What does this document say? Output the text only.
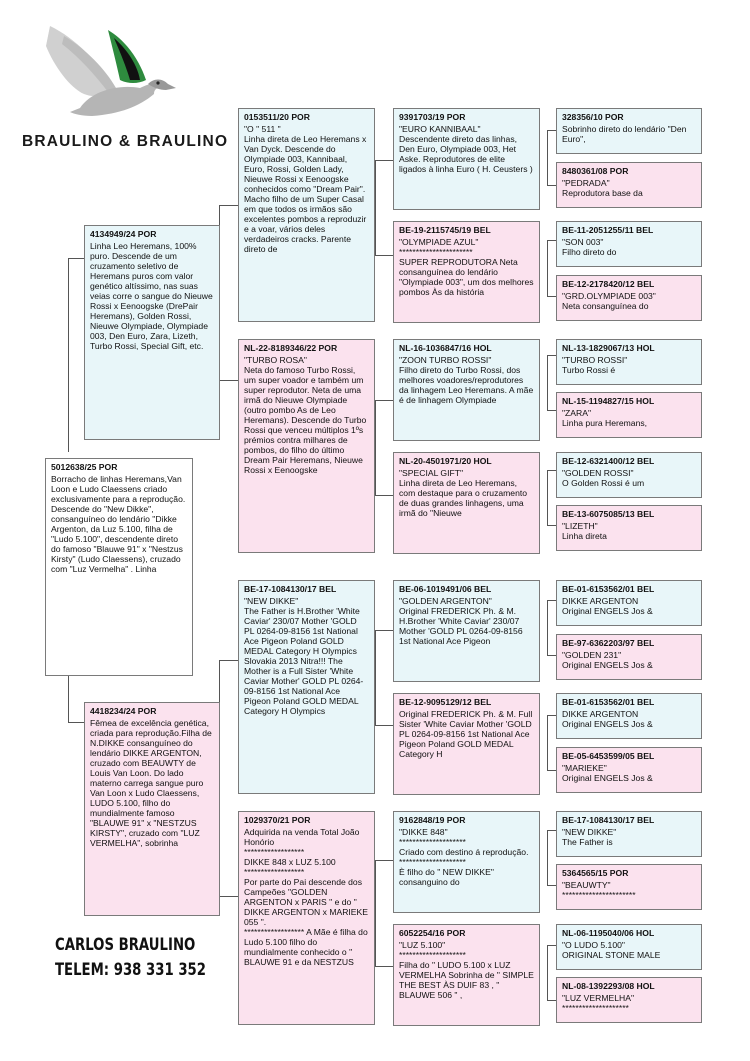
BRAULINO & BRAULINO
5012638/25 POR
Borracho de linhas Heremans,Van Loon e Ludo Claessens criado exclusivamente para a reprodução. Descende do "New Dikke", consanguíneo do lendário "Dikke Argenton, da Luz 5.100, filha de "Ludo 5.100", descendente direto do famoso "Blauwe 91" x "Nestzus Kirsty" (Ludo Claessens), cruzado com "Luz Vermelha" . Linha
4134949/24 POR
Linha Leo Heremans, 100% puro. Descende de um cruzamento seletivo de Heremans puros com valor genético altíssimo, nas suas veias corre o sangue do Nieuwe Rossi x Eenoogske (DrePair Heremans), Golden Rossi, Nieuwe Olympiade, Olympiade 003, Den Euro, Zara, Lizeth, Turbo Rossi, Special Gift, etc.
4418234/24 POR
Fêmea de excelência genética, criada para reprodução.Filha de N.DIKKE consanguíneo do lendário DIKKE ARGENTON, cruzado com BEAUWTY de Louis Van Loon. Do lado materno carrega sangue puro Van Loon x Ludo Claessens, LUDO 5.100, filho do mundialmente famoso "BLAUWE 91" x "NESTZUS KIRSTY", cruzado com "LUZ VERMELHA", sobrinha
0153511/20 POR
"O " 511 "
Linha direta de Leo Heremans x Van Dyck. Descende do Olympiade 003, Kannibaal, Euro, Rossi, Golden Lady, Nieuwe Rossi x Eenoogske conhecidos como "Dream Pair". Macho filho de um Super Casal em que todos os irmãos são excelentes pombos a reproduzir e a voar, vários deles verdadeiros cracks. Parente direto de
NL-22-8189346/22 POR
"TURBO ROSA"
Neta do famoso Turbo Rossi, um super voador e também um super reprodutor. Neta de uma irmã do Nieuwe Olympiade (outro pombo As de Leo Heremans). Descende do Turbo Rossi que venceu múltiplos 1ºs prémios contra milhares de pombos, do filho do último Dream Pair Heremans, Nieuwe Rossi x Eenoogske
BE-17-1084130/17 BEL
"NEW DIKKE"
The Father is H.Brother 'White Caviar' 230/07 Mother 'GOLD PL 0264-09-8156 1st National Ace Pigeon Poland GOLD MEDAL Category H Olympics Slovakia 2013 Nitra!!! The Mother is a Full Sister 'White Caviar Mother' GOLD PL 0264-09-8156 1st National Ace Pigeon Poland GOLD MEDAL Category H Olympics
1029370/21 POR
Adquirida na venda Total João Honório
******************
DIKKE 848 x LUZ 5.100
******************
Por parte do Pai descende dos Campeões "GOLDEN ARGENTON x PARIS " e do " DIKKE ARGENTON x MARIEKE 055 ".
****************** A Mãe é filha do Ludo 5.100 filho do mundialmente conhecido o " BLAUWE 91 e da NESTZUS
9391703/19 POR
"EURO KANNIBAAL"
Descendente direto das linhas, Den Euro, Olympiade 003, Het Aske. Reprodutores de elite ligados à linha Euro ( H. Ceusters )
BE-19-2115745/19 BEL
"OLYMPIADE AZUL"
**********************
SUPER REPRODUTORA Neta consanguínea do lendário "Olympiade 003", um dos melhores pombos Às da história
NL-16-1036847/16 HOL
"ZOON TURBO ROSSI"
Filho direto do Turbo Rossi, dos melhores voadores/reprodutores da linhagem Leo Heremans. A mãe é de linhagem Olympiade
NL-20-4501971/20 HOL
"SPECIAL GIFT"
Linha direta de Leo Heremans, com destaque para o cruzamento de duas grandes linhagens, uma irmã do "Nieuwe
BE-06-1019491/06 BEL
"GOLDEN ARGENTON"
Original FREDERICK Ph. & M. H.Brother 'White Caviar' 230/07 Mother 'GOLD PL 0264-09-8156 1st National Ace Pigeon
BE-12-9095129/12 BEL
Original FREDERICK Ph. & M. Full Sister 'White Caviar Mother 'GOLD PL 0264-09-8156 1st National Ace Pigeon Poland GOLD MEDAL Category H
9162848/19 POR
"DIKKE 848"
********************
Criado com destino á reprodução.
********************
È filho do " NEW DIKKE" consanguino do
6052254/16 POR
"LUZ 5.100"
********************
Filha do " LUDO 5.100 x LUZ VERMELHA Sobrinha de " SIMPLE THE BEST ÀS DUIF 83 , " BLAUWE 506 " ,
328356/10 POR
Sobrinho direto do lendário "Den Euro",
8480361/08 POR
"PEDRADA"
Reprodutora base da
BE-11-2051255/11 BEL
"SON 003"
Filho direto do
BE-12-2178420/12 BEL
"GRD.OLYMPIADE 003"
Neta consanguínea do
NL-13-1829067/13 HOL
"TURBO ROSSI"
Turbo Rossi é
NL-15-1194827/15 HOL
"ZARA"
Linha pura Heremans,
BE-12-6321400/12 BEL
"GOLDEN ROSSI"
O Golden Rossi é um
BE-13-6075085/13 BEL
"LIZETH"
Linha direta
BE-01-6153562/01 BEL
DIKKE ARGENTON
Original ENGELS Jos &
BE-97-6362203/97 BEL
"GOLDEN 231"
Original ENGELS Jos &
BE-01-6153562/01 BEL
DIKKE ARGENTON
Original ENGELS Jos &
BE-05-6453599/05 BEL
"MARIEKE"
Original ENGELS Jos &
BE-17-1084130/17 BEL
"NEW DIKKE"
The Father is
5364565/15 POR
"BEAUWTY"
**********************
NL-06-1195040/06 HOL
"O LUDO 5.100"
ORIGINAL STONE MALE
NL-08-1392293/08 HOL
"LUZ VERMELHA"
********************
CARLOS BRAULINO
TELEM: 938 331 352
